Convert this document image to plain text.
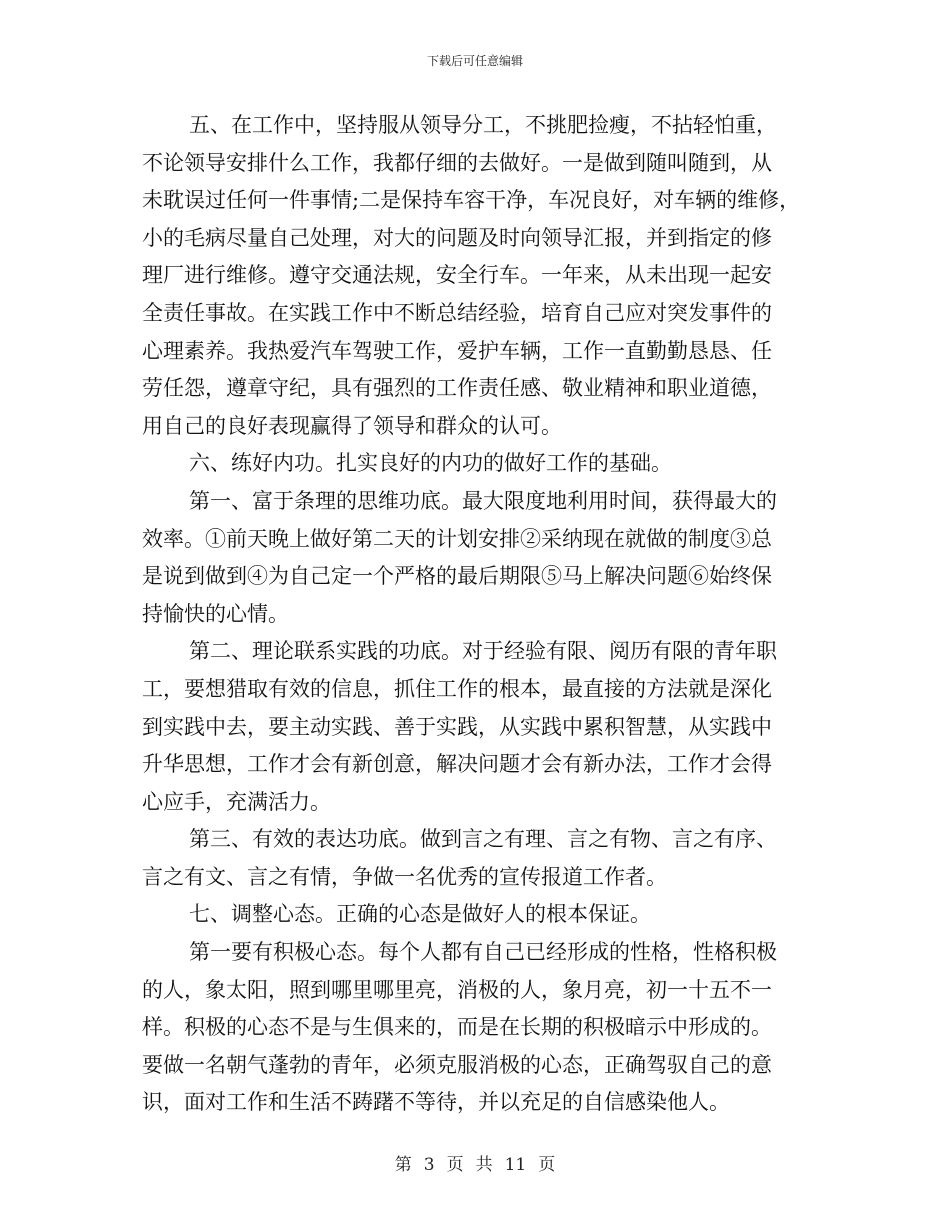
下载后可任意编辑
五、在工作中，坚持服从领导分工，不挑肥捡瘦，不拈轻怕重，
不论领导安排什么工作，我都仔细的去做好。一是做到随叫随到，从
未耽误过任何一件事情;二是保持车容干净，车况良好，对车辆的维修，
小的毛病尽量自己处理，对大的问题及时向领导汇报，并到指定的修
理厂进行维修。遵守交通法规，安全行车。一年来，从未出现一起安
全责任事故。在实践工作中不断总结经验，培育自己应对突发事件的
心理素养。我热爱汽车驾驶工作，爱护车辆，工作一直勤勤恳恳、任
劳任怨，遵章守纪，具有强烈的工作责任感、敬业精神和职业道德，
用自己的良好表现赢得了领导和群众的认可。
六、练好内功。扎实良好的内功的做好工作的基础。
第一、富于条理的思维功底。最大限度地利用时间，获得最大的
效率。①前天晚上做好第二天的计划安排②采纳现在就做的制度③总
是说到做到④为自己定一个严格的最后期限⑤马上解决问题⑥始终保
持愉快的心情。
第二、理论联系实践的功底。对于经验有限、阅历有限的青年职
工，要想猎取有效的信息，抓住工作的根本，最直接的方法就是深化
到实践中去，要主动实践、善于实践，从实践中累积智慧，从实践中
升华思想，工作才会有新创意，解决问题才会有新办法，工作才会得
心应手，充满活力。
第三、有效的表达功底。做到言之有理、言之有物、言之有序、
言之有文、言之有情，争做一名优秀的宣传报道工作者。
七、调整心态。正确的心态是做好人的根本保证。
第一要有积极心态。每个人都有自己已经形成的性格，性格积极
的人，象太阳，照到哪里哪里亮，消极的人，象月亮，初一十五不一
样。积极的心态不是与生俱来的，而是在长期的积极暗示中形成的。
要做一名朝气蓬勃的青年，必须克服消极的心态，正确驾驭自己的意
识，面对工作和生活不踌躇不等待，并以充足的自信感染他人。
第 3 页 共 11 页
